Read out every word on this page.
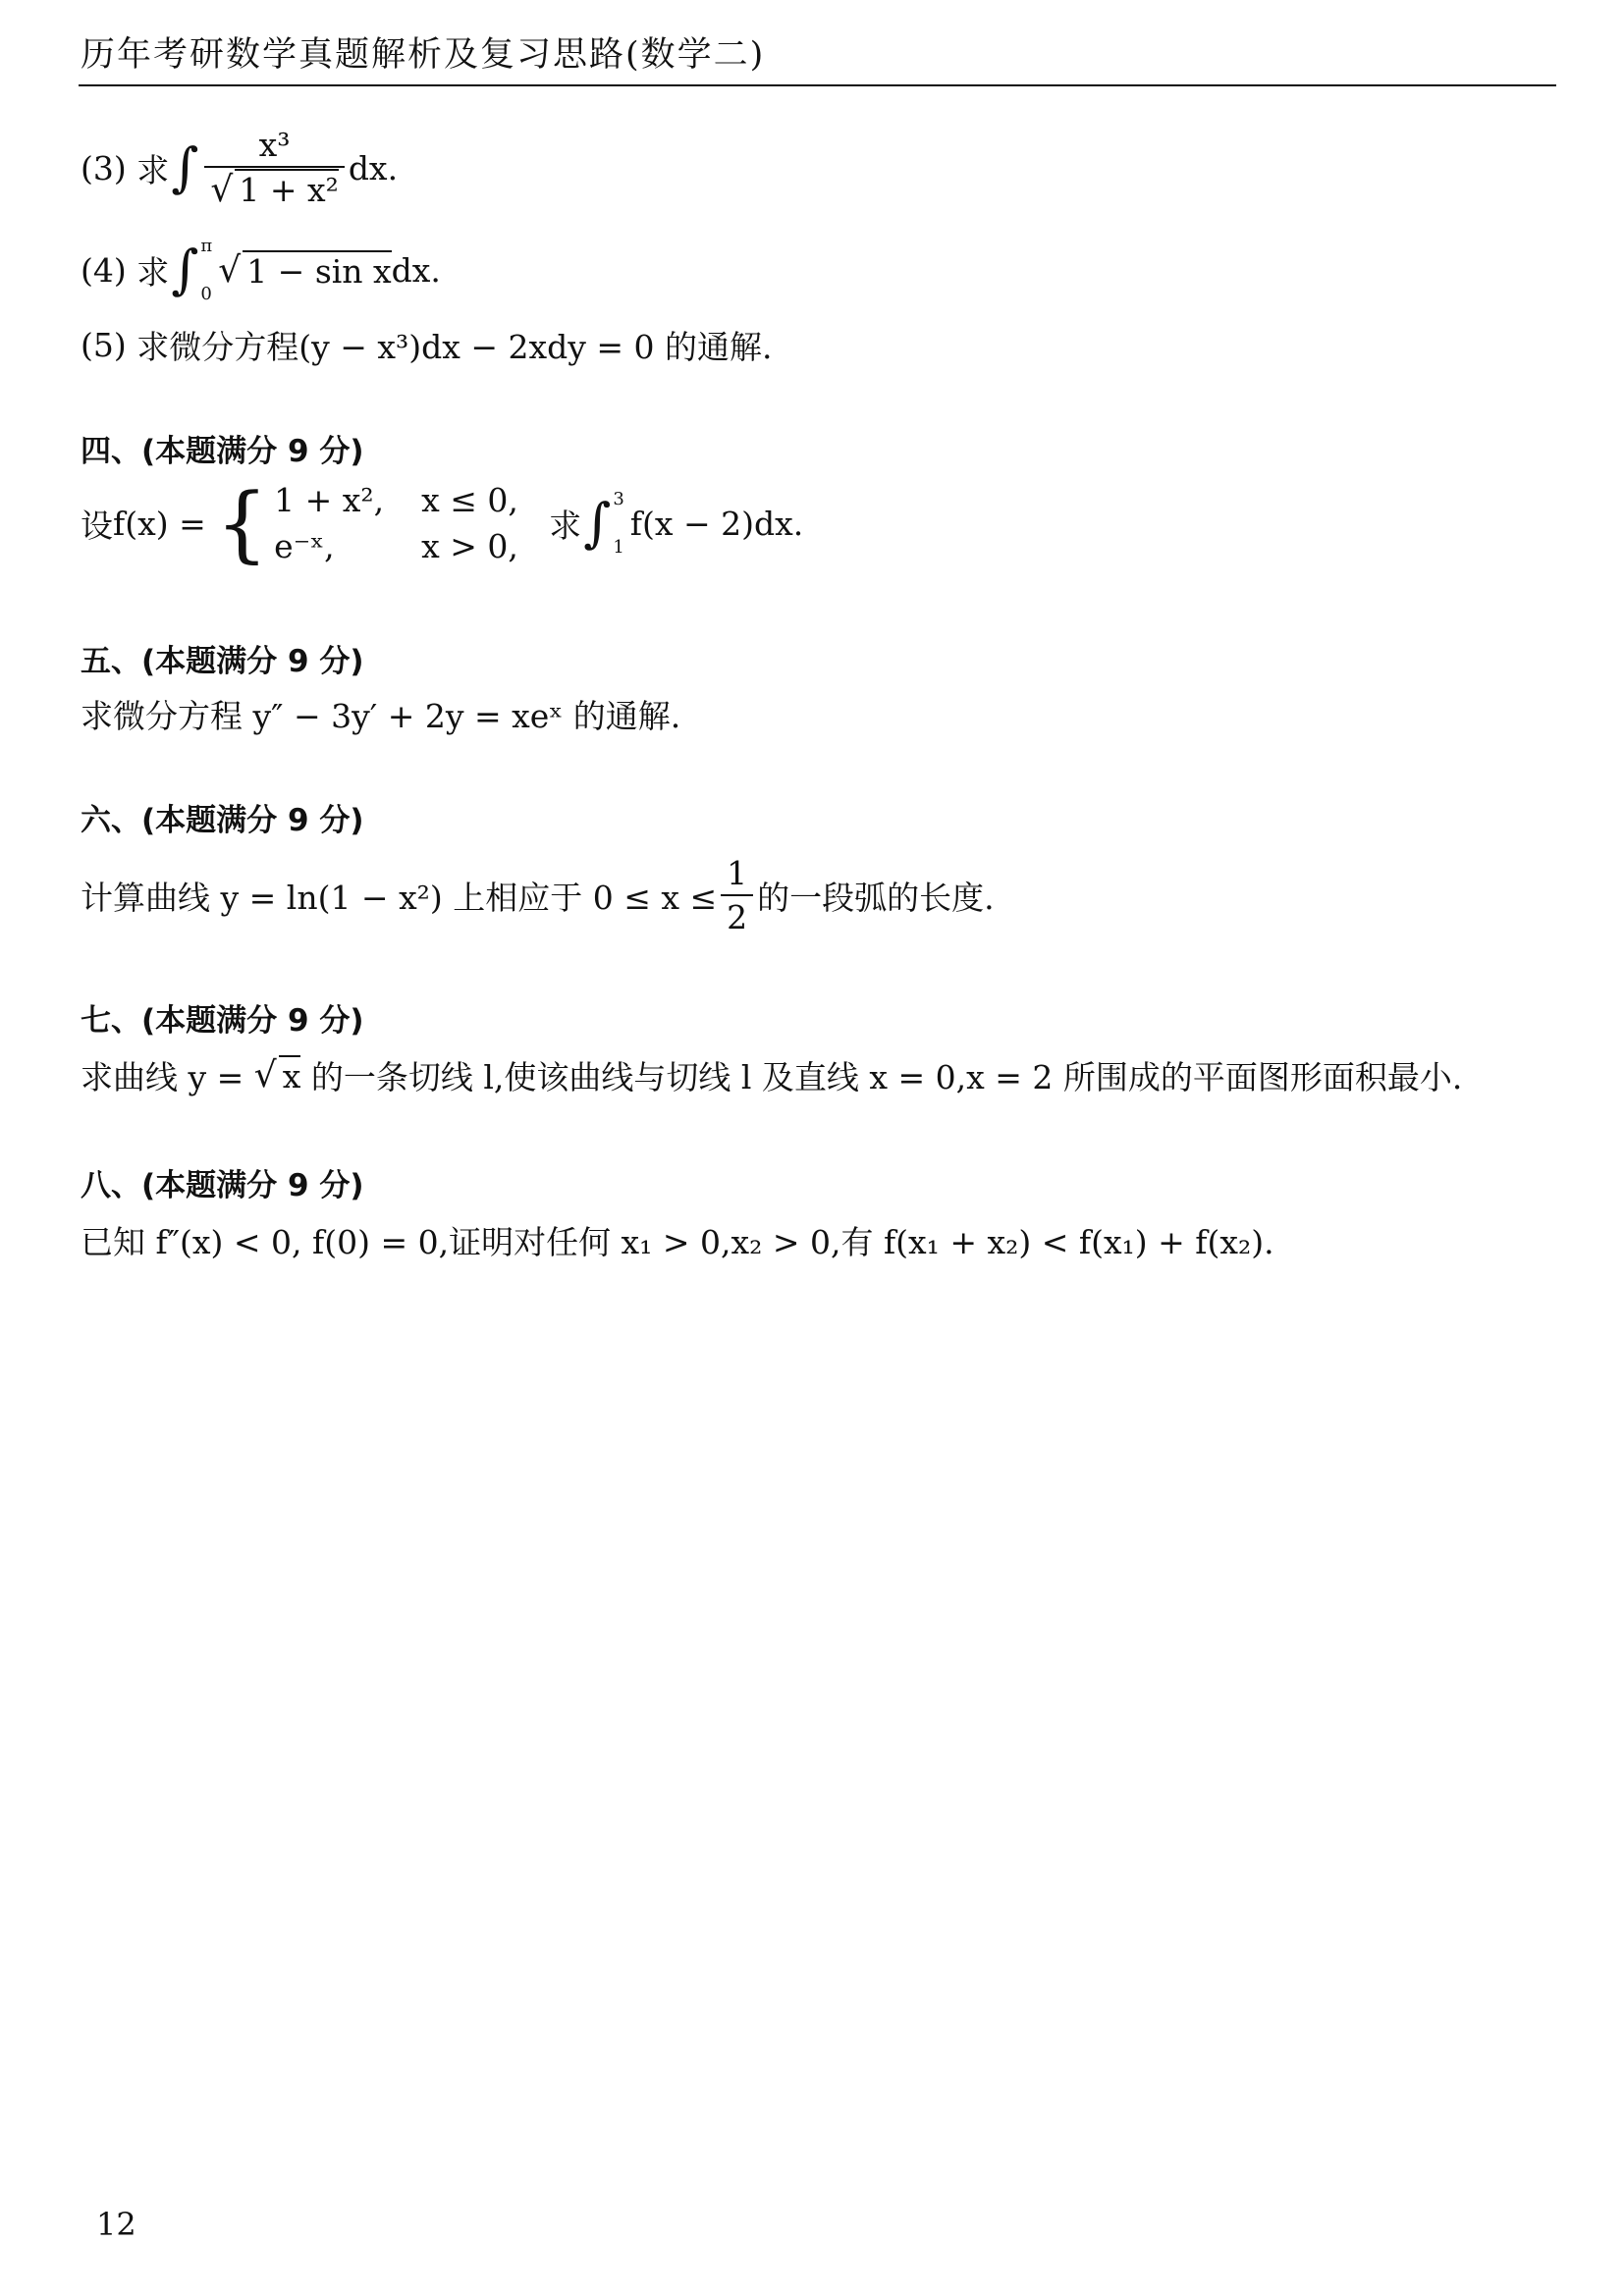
历年考研数学真题解析及复习思路(数学二)
(3)
求 ∫ $\frac{\text{x³}}{\text{√ 1 + x²}}$ dx .
(4)
求 ∫ π
0
√ 1 − sin x dx .
(5)
求微分方程(y − x³)dx − 2xdy = 0 的通解.
四、(本题满分 9 分)
设 f(x) = { 1 + x²,	x ≤ 0,
e⁻ˣ,	x > 0,
求 ∫ 3
1
f(x − 2)dx.
五、(本题满分 9 分)
求微分方程 y″ − 3y′ + 2y = xeˣ 的通解.
六、(本题满分 9 分)
计算曲线 y = ln(1 − x²) 上相应于 $0 \le x \le \frac{1}{2}$ 的一段弧的长度.
七、(本题满分 9 分)
求曲线 y =
√ x
的一条切线 l,使该曲线与切线 l 及直线 x = 0,x = 2 所围成的平面图形面积最小.
八、(本题满分 9 分)
已知 f″(x) < 0, f(0) = 0,证明对任何 x₁ > 0,x₂ > 0,有 f(x₁ + x₂) < f(x₁) + f(x₂).
12
